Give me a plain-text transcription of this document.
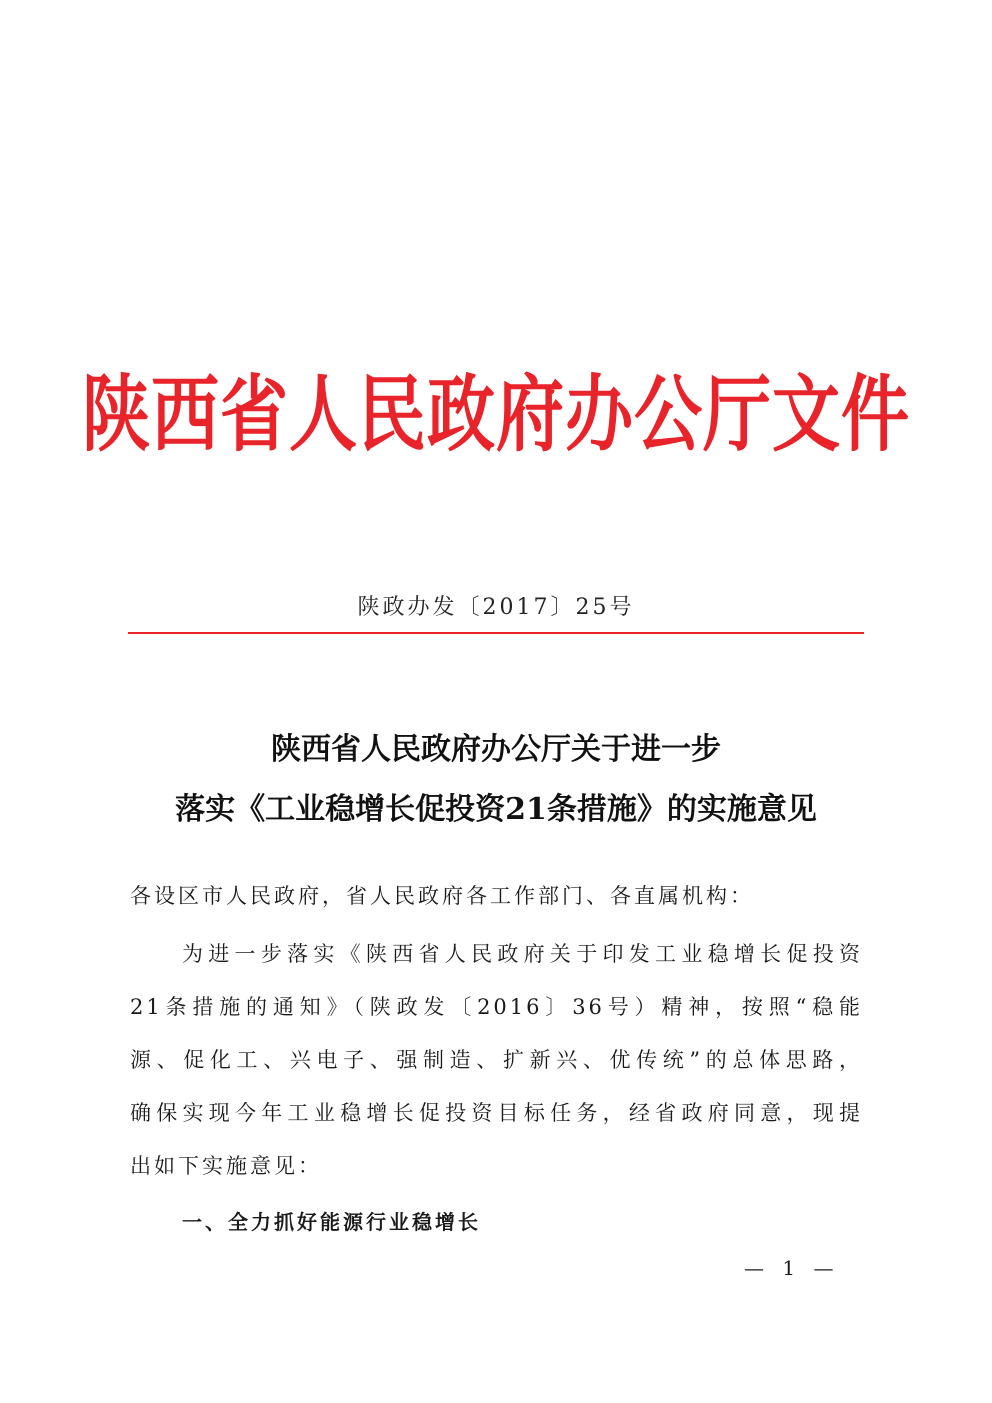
陕西省人民政府办公厅文件
陕政办发〔2017〕25号
陕西省人民政府办公厅关于进一步
落实《工业稳增长促投资21条措施》的实施意见
各设区市人民政府，省人民政府各工作部门、各直属机构：
为进一步落实《陕西省人民政府关于印发工业稳增长促投资
21条措施的通知》（陕政发〔2016〕36号）精神，按照“稳能
源、促化工、兴电子、强制造、扩新兴、优传统”的总体思路，
确保实现今年工业稳增长促投资目标任务，经省政府同意，现提
出如下实施意见：
一、全力抓好能源行业稳增长
— 1 —
